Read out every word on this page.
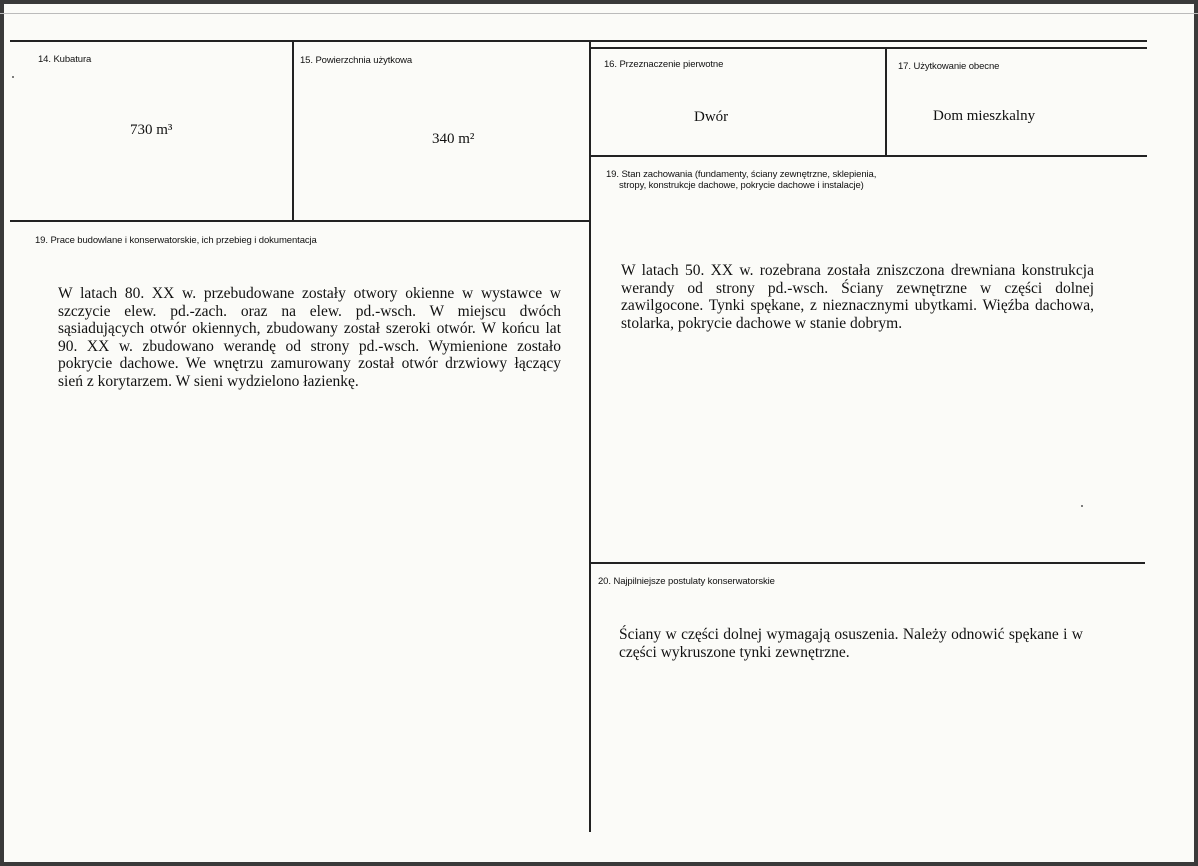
14. Kubatura
730 m³
15. Powierzchnia użytkowa
340 m²
16. Przeznaczenie pierwotne
Dwór
17. Użytkowanie obecne
Dom mieszkalny
19. Prace budowlane i konserwatorskie, ich przebieg i dokumentacja
W latach 80. XX w. przebudowane zostały otwory okienne w wystawce w szczycie elew. pd.-zach. oraz na elew. pd.-wsch. W miejscu dwóch sąsiadujących otwór okiennych, zbudowany został szeroki otwór. W końcu lat 90. XX w. zbudowano werandę od strony pd.-wsch. Wymienione zostało pokrycie dachowe. We wnętrzu zamurowany został otwór drzwiowy łączący sień z korytarzem. W sieni wydzielono łazienkę.
19. Stan zachowania (fundamenty, ściany zewnętrzne, sklepienia,
stropy, konstrukcje dachowe, pokrycie dachowe i instalacje)
W latach 50. XX w. rozebrana została zniszczona drewniana konstrukcja werandy od strony pd.-wsch. Ściany zewnętrzne w części dolnej zawilgocone. Tynki spękane, z nieznacznymi ubytkami. Więźba dachowa, stolarka, pokrycie dachowe w stanie dobrym.
20. Najpilniejsze postulaty konserwatorskie
Ściany w części dolnej wymagają osuszenia. Należy odnowić spękane i w części wykruszone tynki zewnętrzne.
